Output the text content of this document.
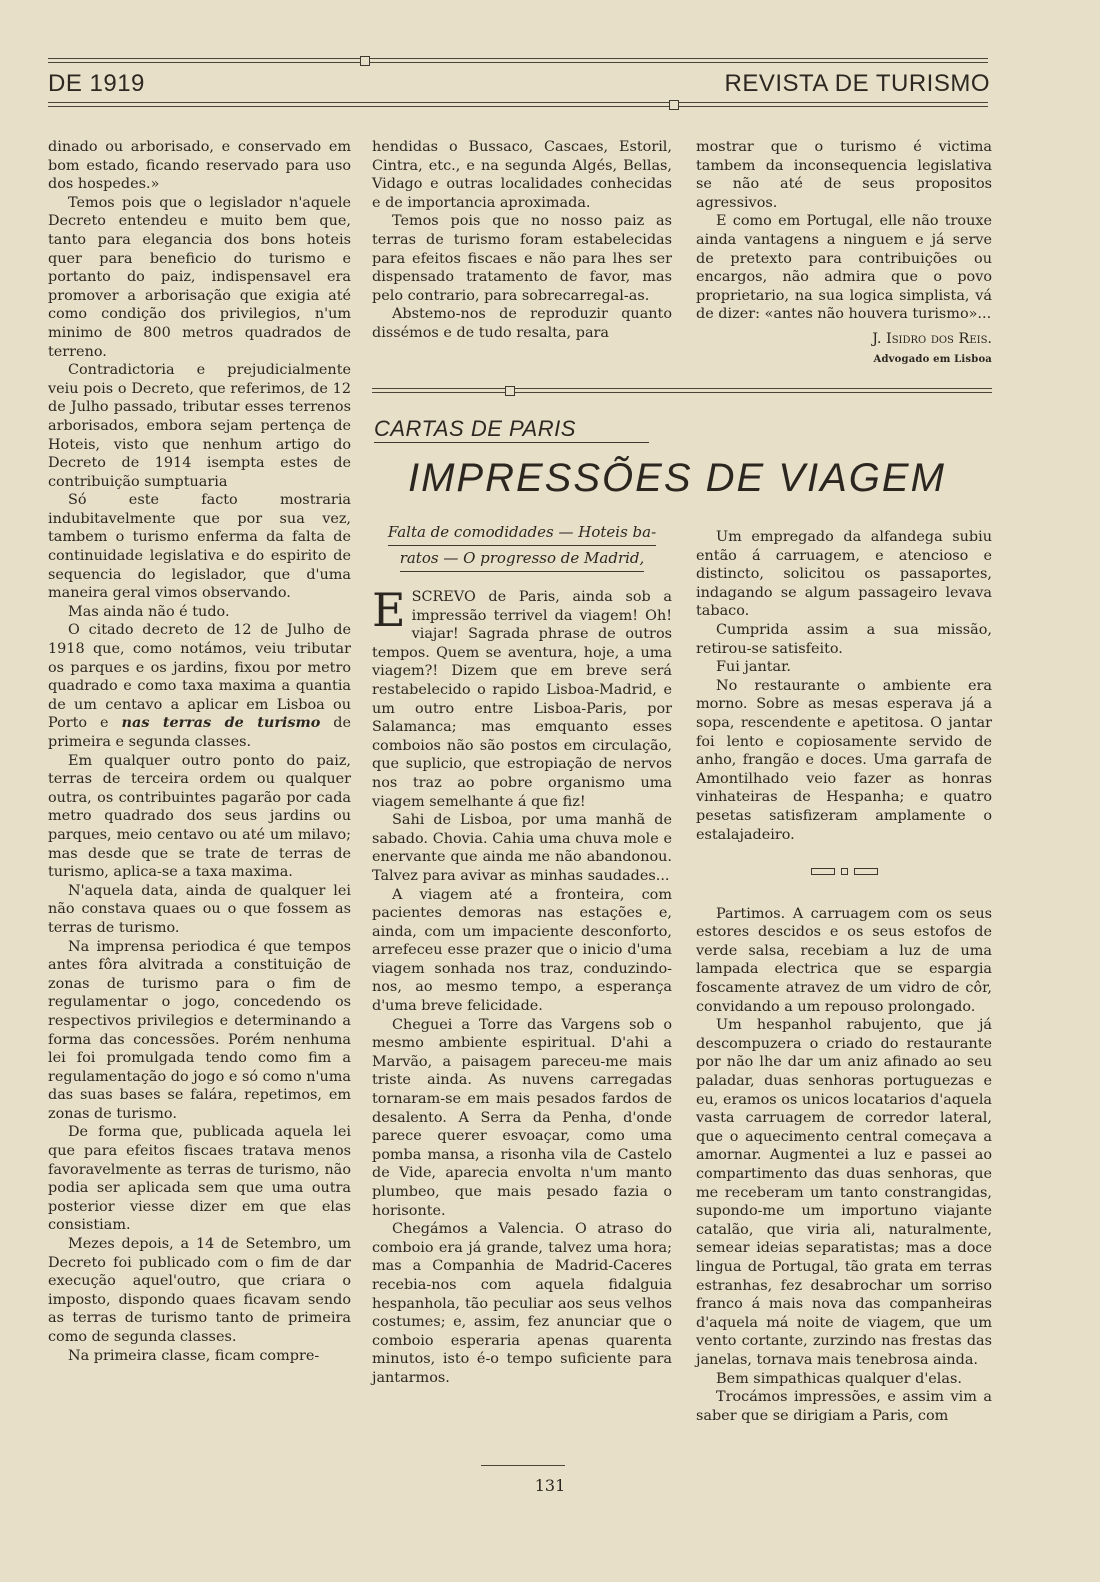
DE 1919	REVISTA DE TURISMO

dinado ou arborisado, e conservado em bom estado, ficando reservado para uso dos hospedes.»

Temos pois que o legislador n'aquele Decreto entendeu e muito bem que, tanto para elegancia dos bons hoteis quer para beneficio do turismo e portanto do paiz, indispensavel era promover a arborisação que exigia até como condição dos privilegios, n'um minimo de 800 metros quadrados de terreno.

Contradictoria e prejudicialmente veiu pois o Decreto, que referimos, de 12 de Julho passado, tributar esses terrenos arborisados, embora sejam pertença de Hoteis, visto que nenhum artigo do Decreto de 1914 isempta estes de contribuição sumptuaria

Só este facto mostraria indubitavelmente que por sua vez, tambem o turismo enferma da falta de continuidade legislativa e do espirito de sequencia do legislador, que d'uma maneira geral vimos observando.

Mas ainda não é tudo.

O citado decreto de 12 de Julho de 1918 que, como notámos, veiu tributar os parques e os jardins, fixou por metro quadrado e como taxa maxima a quantia de um centavo a aplicar em Lisboa ou Porto e nas terras de turismo de primeira e segunda classes.

Em qualquer outro ponto do paiz, terras de terceira ordem ou qualquer outra, os contribuintes pagarão por cada metro quadrado dos seus jardins ou parques, meio centavo ou até um milavo; mas desde que se trate de terras de turismo, aplica-se a taxa maxima.

N'aquela data, ainda de qualquer lei não constava quaes ou o que fossem as terras de turismo.

Na imprensa periodica é que tempos antes fôra alvitrada a constituição de zonas de turismo para o fim de regulamentar o jogo, concedendo os respectivos privilegios e determinando a forma das concessões. Porém nenhuma lei foi promulgada tendo como fim a regulamentação do jogo e só como n'uma das suas bases se falára, repetimos, em zonas de turismo.

De forma que, publicada aquela lei que para efeitos fiscaes tratava menos favoravelmente as terras de turismo, não podia ser aplicada sem que uma outra posterior viesse dizer em que elas consistiam.

Mezes depois, a 14 de Setembro, um Decreto foi publicado com o fim de dar execução aquel'outro, que criara o imposto, dispondo quaes ficavam sendo as terras de turismo tanto de primeira como de segunda classes.

Na primeira classe, ficam compre-

hendidas o Bussaco, Cascaes, Estoril, Cintra, etc., e na segunda Algés, Bellas, Vidago e outras localidades conhecidas e de importancia aproximada.

Temos pois que no nosso paiz as terras de turismo foram estabelecidas para efeitos fiscaes e não para lhes ser dispensado tratamento de favor, mas pelo contrario, para sobrecarregal-as.

Abstemo-nos de reproduzir quanto dissémos e de tudo resalta, para

mostrar que o turismo é victima tambem da inconsequencia legislativa se não até de seus propositos agressivos.

E como em Portugal, elle não trouxe ainda vantagens a ninguem e já serve de pretexto para contribuições ou encargos, não admira que o povo proprietario, na sua logica simplista, vá de dizer: «antes não houvera turismo»...

J. Isidro dos Reis.

Advogado em Lisboa
CARTAS DE PARIS
IMPRESSÕES DE VIAGEM
Falta de comodidades — Hoteis ba-
ratos — O progresso de Madrid,

ESCREVO de Paris, ainda sob a impressão terrivel da viagem! Oh! viajar! Sagrada phrase de outros tempos. Quem se aventura, hoje, a uma viagem?! Dizem que em breve será restabelecido o rapido Lisboa-Madrid, e um outro entre Lisboa-Paris, por Salamanca; mas emquanto esses comboios não são postos em circulação, que suplicio, que estropiação de nervos nos traz ao pobre organismo uma viagem semelhante á que fiz!

Sahi de Lisboa, por uma manhã de sabado. Chovia. Cahia uma chuva mole e enervante que ainda me não abandonou. Talvez para avivar as minhas saudades...

A viagem até a fronteira, com pacientes demoras nas estações e, ainda, com um impaciente desconforto, arrefeceu esse prazer que o inicio d'uma viagem sonhada nos traz, conduzindo-nos, ao mesmo tempo, a esperança d'uma breve felicidade.

Cheguei a Torre das Vargens sob o mesmo ambiente espiritual. D'ahi a Marvão, a paisagem pareceu-me mais triste ainda. As nuvens carregadas tornaram-se em mais pesados fardos de desalento. A Serra da Penha, d'onde parece querer esvoaçar, como uma pomba mansa, a risonha vila de Castelo de Vide, aparecia envolta n'um manto plumbeo, que mais pesado fazia o horisonte.

Chegámos a Valencia. O atraso do comboio era já grande, talvez uma hora; mas a Companhia de Madrid-Caceres recebia-nos com aquela fidalguia hespanhola, tão peculiar aos seus velhos costumes; e, assim, fez anunciar que o comboio esperaria apenas quarenta minutos, isto é-o tempo suficiente para jantarmos.

Um empregado da alfandega subiu então á carruagem, e atencioso e distincto, solicitou os passaportes, indagando se algum passageiro levava tabaco.

Cumprida assim a sua missão, retirou-se satisfeito.

Fui jantar.

No restaurante o ambiente era morno. Sobre as mesas esperava já a sopa, rescendente e apetitosa. O jantar foi lento e copiosamente servido de anho, frangão e doces. Uma garrafa de Amontilhado veio fazer as honras vinhateiras de Hespanha; e quatro pesetas satisfizeram amplamente o estalajadeiro.

Partimos. A carruagem com os seus estores descidos e os seus estofos de verde salsa, recebiam a luz de uma lampada electrica que se espargia foscamente atravez de um vidro de côr, convidando a um repouso prolongado.

Um hespanhol rabujento, que já descompuzera o criado do restaurante por não lhe dar um aniz afinado ao seu paladar, duas senhoras portuguezas e eu, eramos os unicos locatarios d'aquela vasta carruagem de corredor lateral, que o aquecimento central começava a amornar. Augmentei a luz e passei ao compartimento das duas senhoras, que me receberam um tanto constrangidas, supondo-me um importuno viajante catalão, que viria ali, naturalmente, semear ideias separatistas; mas a doce lingua de Portugal, tão grata em terras estranhas, fez desabrochar um sorriso franco á mais nova das companheiras d'aquela má noite de viagem, que um vento cortante, zurzindo nas frestas das janelas, tornava mais tenebrosa ainda.

Bem simpathicas qualquer d'elas.

Trocámos impressões, e assim vim a saber que se dirigiam a Paris, com

131
